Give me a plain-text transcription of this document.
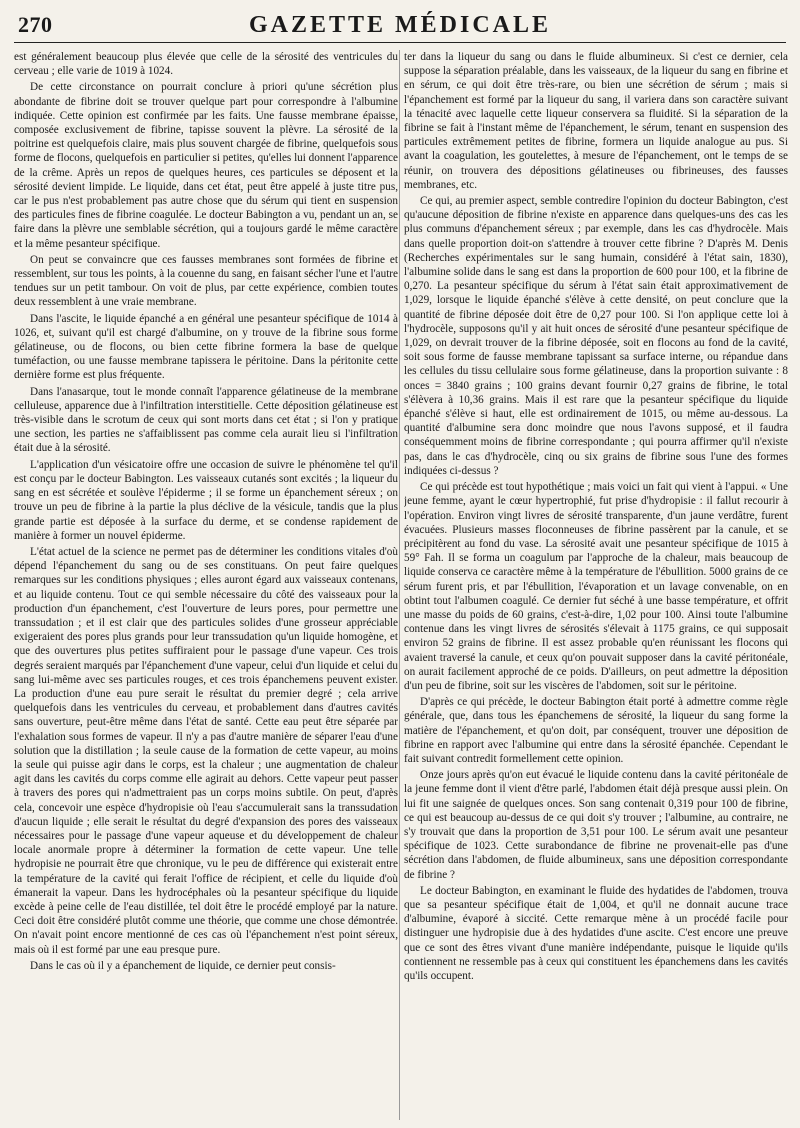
270	GAZETTE MÉDICALE

est généralement beaucoup plus élevée que celle de la sérosité des ventricules du cerveau ; elle varie de 1019 à 1024.

De cette circonstance on pourrait conclure à priori qu'une sécrétion plus abondante de fibrine doit se trouver quelque part pour correspondre à l'albumine indiquée. Cette opinion est confirmée par les faits. Une fausse membrane épaisse, composée exclusivement de fibrine, tapisse souvent la plèvre. La sérosité de la poitrine est quelquefois claire, mais plus souvent chargée de fibrine, quelquefois sous forme de flocons, quelquefois en particulier si petites, qu'elles lui donnent l'apparence de la crême. Après un repos de quelques heures, ces particules se déposent et la sérosité devient limpide. Le liquide, dans cet état, peut être appelé à juste titre pus, car le pus n'est probablement pas autre chose que du sérum qui tient en suspension des particules fines de fibrine coagulée. Le docteur Babington a vu, pendant un an, se faire dans la plèvre une semblable sécrétion, qui a toujours gardé le même caractère et la même pesanteur spécifique.

On peut se convaincre que ces fausses membranes sont formées de fibrine et ressemblent, sur tous les points, à la couenne du sang, en faisant sécher l'une et l'autre tendues sur un petit tambour. On voit de plus, par cette expérience, combien toutes deux ressemblent à une vraie membrane.

Dans l'ascite, le liquide épanché a en général une pesanteur spécifique de 1014 à 1026, et, suivant qu'il est chargé d'albumine, on y trouve de la fibrine sous forme gélatineuse, ou de flocons, ou bien cette fibrine formera la base de quelque tuméfaction, ou une fausse membrane tapissera le péritoine. Dans la péritonite cette dernière forme est plus fréquente.

Dans l'anasarque, tout le monde connaît l'apparence gélatineuse de la membrane celluleuse, apparence due à l'infiltration interstitielle. Cette déposition gélatineuse est très-visible dans le scrotum de ceux qui sont morts dans cet état ; si l'on y pratique une section, les parties ne s'affaiblissent pas comme cela aurait lieu si l'infiltration était due à la sérosité.

L'application d'un vésicatoire offre une occasion de suivre le phénomène tel qu'il est conçu par le docteur Babington. Les vaisseaux cutanés sont excités ; la liqueur du sang en est sécrétée et soulève l'épiderme ; il se forme un épanchement séreux ; on trouve un peu de fibrine à la partie la plus déclive de la vésicule, tandis que la plus grande partie est déposée à la surface du derme, et se condense rapidement de manière à former un nouvel épiderme.

L'état actuel de la science ne permet pas de déterminer les conditions vitales d'où dépend l'épanchement du sang ou de ses constituans. On peut faire quelques remarques sur les conditions physiques ; elles auront égard aux vaisseaux contenans, et au liquide contenu. Tout ce qui semble nécessaire du côté des vaisseaux pour la production d'un épanchement, c'est l'ouverture de leurs pores, pour permettre une transsudation ; et il est clair que des particules solides d'une grosseur appréciable exigeraient des pores plus grands pour leur transsudation qu'un liquide homogène, et que des ouvertures plus petites suffiraient pour le passage d'une vapeur. Ces trois degrés seraient marqués par l'épanchement d'une vapeur, celui d'un liquide et celui du sang lui-même avec ses particules rouges, et ces trois épanchemens peuvent exister. La production d'une eau pure serait le résultat du premier degré ; cela arrive quelquefois dans les ventricules du cerveau, et probablement dans d'autres cavités sans ouverture, peut-être même dans l'état de santé. Cette eau peut être séparée par l'exhalation sous formes de vapeur. Il n'y a pas d'autre manière de séparer l'eau d'une solution que la distillation ; la seule cause de la formation de cette vapeur, au moins la seule qui puisse agir dans le corps, est la chaleur ; une augmentation de chaleur agit dans les cavités du corps comme elle agirait au dehors. Cette vapeur peut passer à travers des pores qui n'admettraient pas un corps moins subtile. On peut, d'après cela, concevoir une espèce d'hydropisie où l'eau s'accumulerait sans la transsudation d'aucun liquide ; elle serait le résultat du degré d'expansion des pores des vaisseaux nécessaires pour le passage d'une vapeur aqueuse et du développement de chaleur locale anormale propre à déterminer la formation de cette vapeur. Une telle hydropisie ne pourrait être que chronique, vu le peu de différence qui existerait entre la température de la cavité qui ferait l'office de récipient, et celle du liquide d'où émanerait la vapeur. Dans les hydrocéphales où la pesanteur spécifique du liquide excède à peine celle de l'eau distillée, tel doit être le procédé employé par la nature. Ceci doit être considéré plutôt comme une théorie, que comme une chose démontrée. On n'avait point encore mentionné de ces cas où l'épanchement n'est point séreux, mais où il est formé par une eau presque pure.

Dans le cas où il y a épanchement de liquide, ce dernier peut consis-

ter dans la liqueur du sang ou dans le fluide albumineux. Si c'est ce dernier, cela suppose la séparation préalable, dans les vaisseaux, de la liqueur du sang en fibrine et en sérum, ce qui doit être très-rare, ou bien une sécrétion de sérum ; mais si l'épanchement est formé par la liqueur du sang, il variera dans son caractère suivant la ténacité avec laquelle cette liqueur conservera sa fluidité. Si la séparation de la fibrine se fait à l'instant même de l'épanchement, le sérum, tenant en suspension des particules extrêmement petites de fibrine, formera un liquide analogue au pus. Si avant la coagulation, les goutelettes, à mesure de l'épanchement, ont le temps de se réunir, on trouvera des dépositions gélatineuses ou fibrineuses, des fausses membranes, etc.

Ce qui, au premier aspect, semble contredire l'opinion du docteur Babington, c'est qu'aucune déposition de fibrine n'existe en apparence dans quelques-uns des cas les plus communs d'épanchement séreux ; par exemple, dans les cas d'hydrocèle. Mais dans quelle proportion doit-on s'attendre à trouver cette fibrine ? D'après M. Denis (Recherches expérimentales sur le sang humain, considéré à l'état sain, 1830), l'albumine solide dans le sang est dans la proportion de 600 pour 100, et la fibrine de 0,270. La pesanteur spécifique du sérum à l'état sain était approximativement de 1,029, lorsque le liquide épanché s'élève à cette densité, on peut conclure que la quantité de fibrine déposée doit être de 0,27 pour 100. Si l'on applique cette loi à l'hydrocèle, supposons qu'il y ait huit onces de sérosité d'une pesanteur spécifique de 1,029, on devrait trouver de la fibrine déposée, soit en flocons au fond de la cavité, soit sous forme de fausse membrane tapissant sa surface interne, ou répandue dans les cellules du tissu cellulaire sous forme gélatineuse, dans la proportion suivante : 8 onces = 3840 grains ; 100 grains devant fournir 0,27 grains de fibrine, le total s'élèvera à 10,36 grains. Mais il est rare que la pesanteur spécifique du liquide épanché s'élève si haut, elle est ordinairement de 1015, ou même au-dessous. La quantité d'albumine sera donc moindre que nous l'avons supposé, et il faudra conséquemment moins de fibrine correspondante ; qui pourra affirmer qu'il n'existe pas, dans le cas d'hydrocèle, cinq ou six grains de fibrine sous l'une des formes indiquées ci-dessus ?

Ce qui précède est tout hypothétique ; mais voici un fait qui vient à l'appui. « Une jeune femme, ayant le cœur hypertrophié, fut prise d'hydropisie : il fallut recourir à l'opération. Environ vingt livres de sérosité transparente, d'un jaune verdâtre, furent évacuées. Plusieurs masses floconneuses de fibrine passèrent par la canule, et se précipitèrent au fond du vase. La sérosité avait une pesanteur spécifique de 1015 à 59° Fah. Il se forma un coagulum par l'approche de la chaleur, mais beaucoup de liquide conserva ce caractère même à la température de l'ébullition. 5000 grains de ce sérum furent pris, et par l'ébullition, l'évaporation et un lavage convenable, on en obtint tout l'albumen coagulé. Ce dernier fut séché à une basse température, et offrit une masse du poids de 60 grains, c'est-à-dire, 1,02 pour 100. Ainsi toute l'albumine contenue dans les vingt livres de sérosités s'élevait à 1175 grains, ce qui supposait environ 52 grains de fibrine. Il est assez probable qu'en réunissant les flocons qui avaient traversé la canule, et ceux qu'on pouvait supposer dans la cavité péritonéale, on aurait facilement approché de ce poids. D'ailleurs, on peut admettre la déposition d'un peu de fibrine, soit sur les viscères de l'abdomen, soit sur le péritoine.

D'après ce qui précède, le docteur Babington était porté à admettre comme règle générale, que, dans tous les épanchemens de sérosité, la liqueur du sang forme la matière de l'épanchement, et qu'on doit, par conséquent, trouver une déposition de fibrine en rapport avec l'albumine qui entre dans la sérosité épanchée. Cependant le fait suivant contredit formellement cette opinion.

Onze jours après qu'on eut évacué le liquide contenu dans la cavité péritonéale de la jeune femme dont il vient d'être parlé, l'abdomen était déjà presque aussi plein. On lui fit une saignée de quelques onces. Son sang contenait 0,319 pour 100 de fibrine, ce qui est beaucoup au-dessus de ce qui doit s'y trouver ; l'albumine, au contraire, ne s'y trouvait que dans la proportion de 3,51 pour 100. Le sérum avait une pesanteur spécifique de 1023. Cette surabondance de fibrine ne provenait-elle pas d'une sécrétion dans l'abdomen, de fluide albumineux, sans une déposition correspondante de fibrine ?

Le docteur Babington, en examinant le fluide des hydatides de l'abdomen, trouva que sa pesanteur spécifique était de 1,004, et qu'il ne donnait aucune trace d'albumine, évaporé à siccité. Cette remarque mène à un procédé facile pour distinguer une hydropisie due à des hydatides d'une ascite. C'est encore une preuve que ce sont des êtres vivant d'une manière indépendante, puisque le liquide qu'ils contiennent ne ressemble pas à ceux qui constituent les épanchemens dans les cavités qu'ils occupent.
